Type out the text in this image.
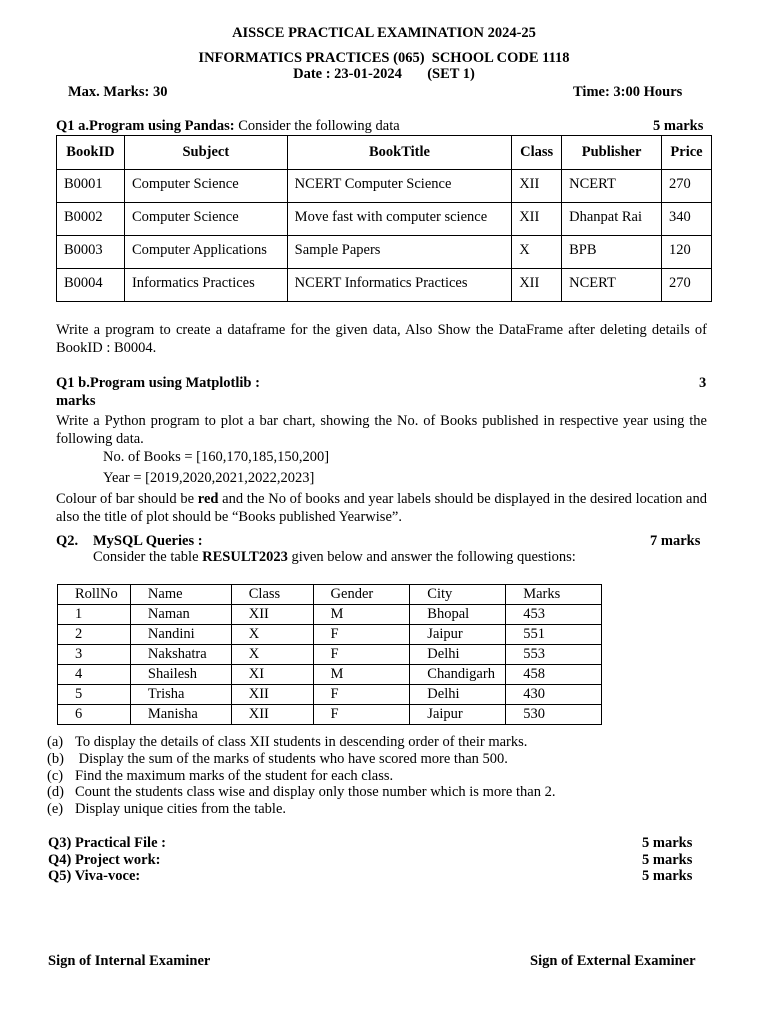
AISSCE PRACTICAL EXAMINATION 2024-25
INFORMATICS PRACTICES (065)  SCHOOL CODE 1118
Date : 23-01-2024       (SET 1)
Max. Marks: 30	Time: 3:00 Hours
Q1 a.Program using Pandas: Consider the following data	5 marks
BookID	Subject	BookTitle	Class	Publisher	Price
B0001	Computer Science	NCERT Computer Science	XII	NCERT	270
B0002	Computer Science	Move fast with computer science	XII	Dhanpat Rai	340
B0003	Computer Applications	Sample Papers	X	BPB	120
B0004	Informatics Practices	NCERT Informatics Practices	XII	NCERT	270
Write a program to create a dataframe for the given data, Also Show the DataFrame after deleting details of BookID : B0004.
Q1 b.Program using Matplotlib :	3
marks
Write a Python program to plot a bar chart, showing the No. of Books published in respective year using the following data.
No. of Books = [160,170,185,150,200]
Year = [2019,2020,2021,2022,2023]
Colour of bar should be red and the No of books and year labels should be displayed in the desired location and also the title of plot should be “Books published Yearwise”.
Q2. MySQL Queries :	7 marks
Consider the table RESULT2023 given below and answer the following questions:
RollNo	Name	Class	Gender	City	Marks
1	Naman	XII	M	Bhopal	453
2	Nandini	X	F	Jaipur	551
3	Nakshatra	X	F	Delhi	553
4	Shailesh	XI	M	Chandigarh	458
5	Trisha	XII	F	Delhi	430
6	Manisha	XII	F	Jaipur	530
(a) To display the details of class XII students in descending order of their marks.
(b) Display the sum of the marks of students who have scored more than 500.
(c) Find the maximum marks of the student for each class.
(d) Count the students class wise and display only those number which is more than 2.
(e) Display unique cities from the table.
Q3) Practical File :	5 marks
Q4) Project work:	5 marks
Q5) Viva-voce:	5 marks
Sign of Internal Examiner	Sign of External Examiner
